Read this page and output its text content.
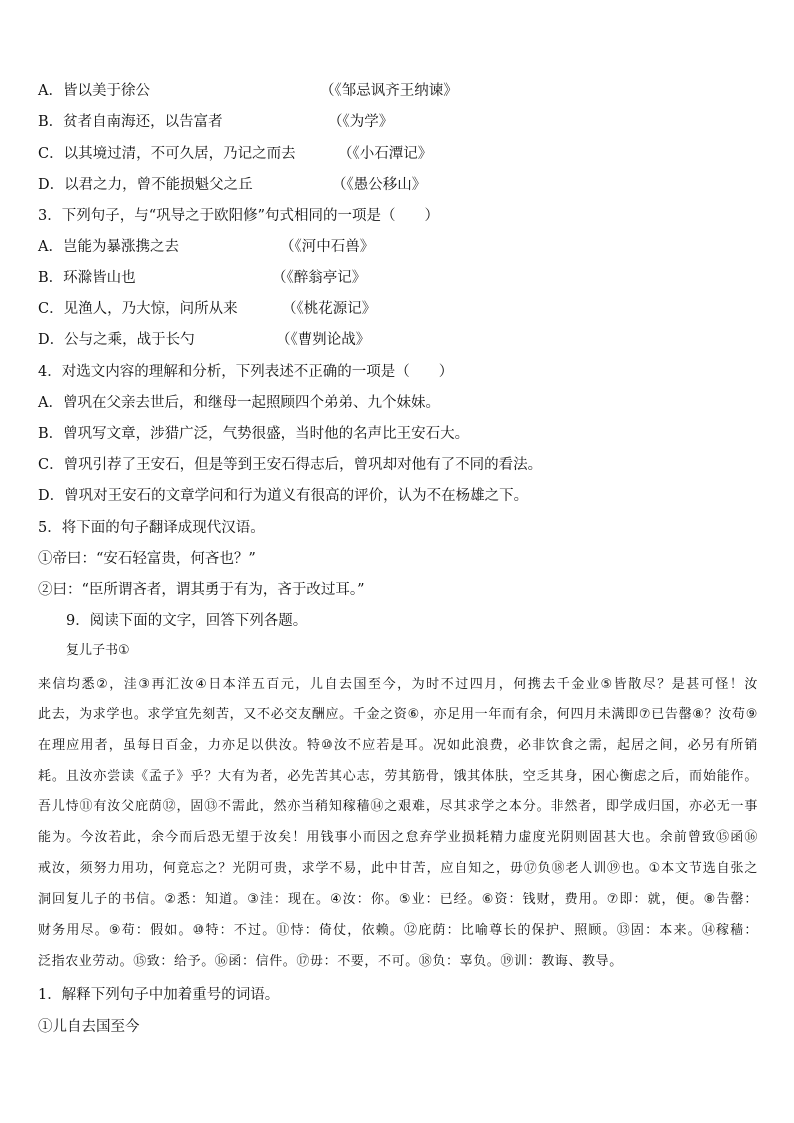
A．皆以美于徐公	（《邹忌讽齐王纳谏》
B．贫者自南海还，以告富者	（《为学》
C．以其境过清，不可久居，乃记之而去	（《小石潭记》
D．以君之力，曾不能损魁父之丘	（《愚公移山》
3．下列句子，与“巩导之于欧阳修”句式相同的一项是（　　）
A．岂能为暴涨携之去	（《河中石兽》
B．环滁皆山也	（《醉翁亭记》
C．见渔人，乃大惊，问所从来	（《桃花源记》
D．公与之乘，战于长勺	（《曹刿论战》
4．对选文内容的理解和分析，下列表述不正确的一项是（　　）
A．曾巩在父亲去世后，和继母一起照顾四个弟弟、九个妹妹。
B．曾巩写文章，涉猎广泛，气势很盛，当时他的名声比王安石大。
C．曾巩引荐了王安石，但是等到王安石得志后，曾巩却对他有了不同的看法。
D．曾巩对王安石的文章学问和行为道义有很高的评价，认为不在杨雄之下。
5．将下面的句子翻译成现代汉语。
①帝曰：“安石轻富贵，何吝也？”
②曰：“臣所谓吝者，谓其勇于有为，吝于改过耳。”
9．阅读下面的文字，回答下列各题。
复儿子书①
来信均悉②，洼③再汇汝④日本洋五百元，儿自去国至今，为时不过四月，何携去千金业⑤皆散尽？是甚可怪！汝
此去，为求学也。求学宜先刻苦，又不必交友酬应。千金之资⑥，亦足用一年而有余，何四月未满即⑦已告罄⑧？汝苟⑨
在理应用者，虽每日百金，力亦足以供汝。特⑩汝不应若是耳。况如此浪费，必非饮食之需，起居之间，必另有所销
耗。且汝亦尝读《孟子》乎？大有为者，必先苦其心志，劳其筋骨，饿其体肤，空乏其身，困心衡虑之后，而始能作。
吾儿恃⑪有汝父庇荫⑫，固⑬不需此，然亦当稍知稼穑⑭之艰难，尽其求学之本分。非然者，即学成归国，亦必无一事
能为。今汝若此，余今而后恐无望于汝矣！用钱事小而因之怠弃学业损耗精力虚度光阴则固甚大也。余前曾致⑮函⑯
戒汝，须努力用功，何竟忘之？光阴可贵，求学不易，此中甘苦，应自知之，毋⑰负⑱老人训⑲也。①本文节选自张之
洞回复儿子的书信。②悉：知道。③洼：现在。④汝：你。⑤业：已经。⑥资：钱财，费用。⑦即：就，便。⑧告罄：
财务用尽。⑨苟：假如。⑩特：不过。⑪恃：倚仗，依赖。⑫庇荫：比喻尊长的保护、照顾。⑬固：本来。⑭稼穑：
泛指农业劳动。⑮致：给予。⑯函：信件。⑰毋：不要，不可。⑱负：辜负。⑲训：教诲、教导。
1．解释下列句子中加着重号的词语。
①儿自去国至今
